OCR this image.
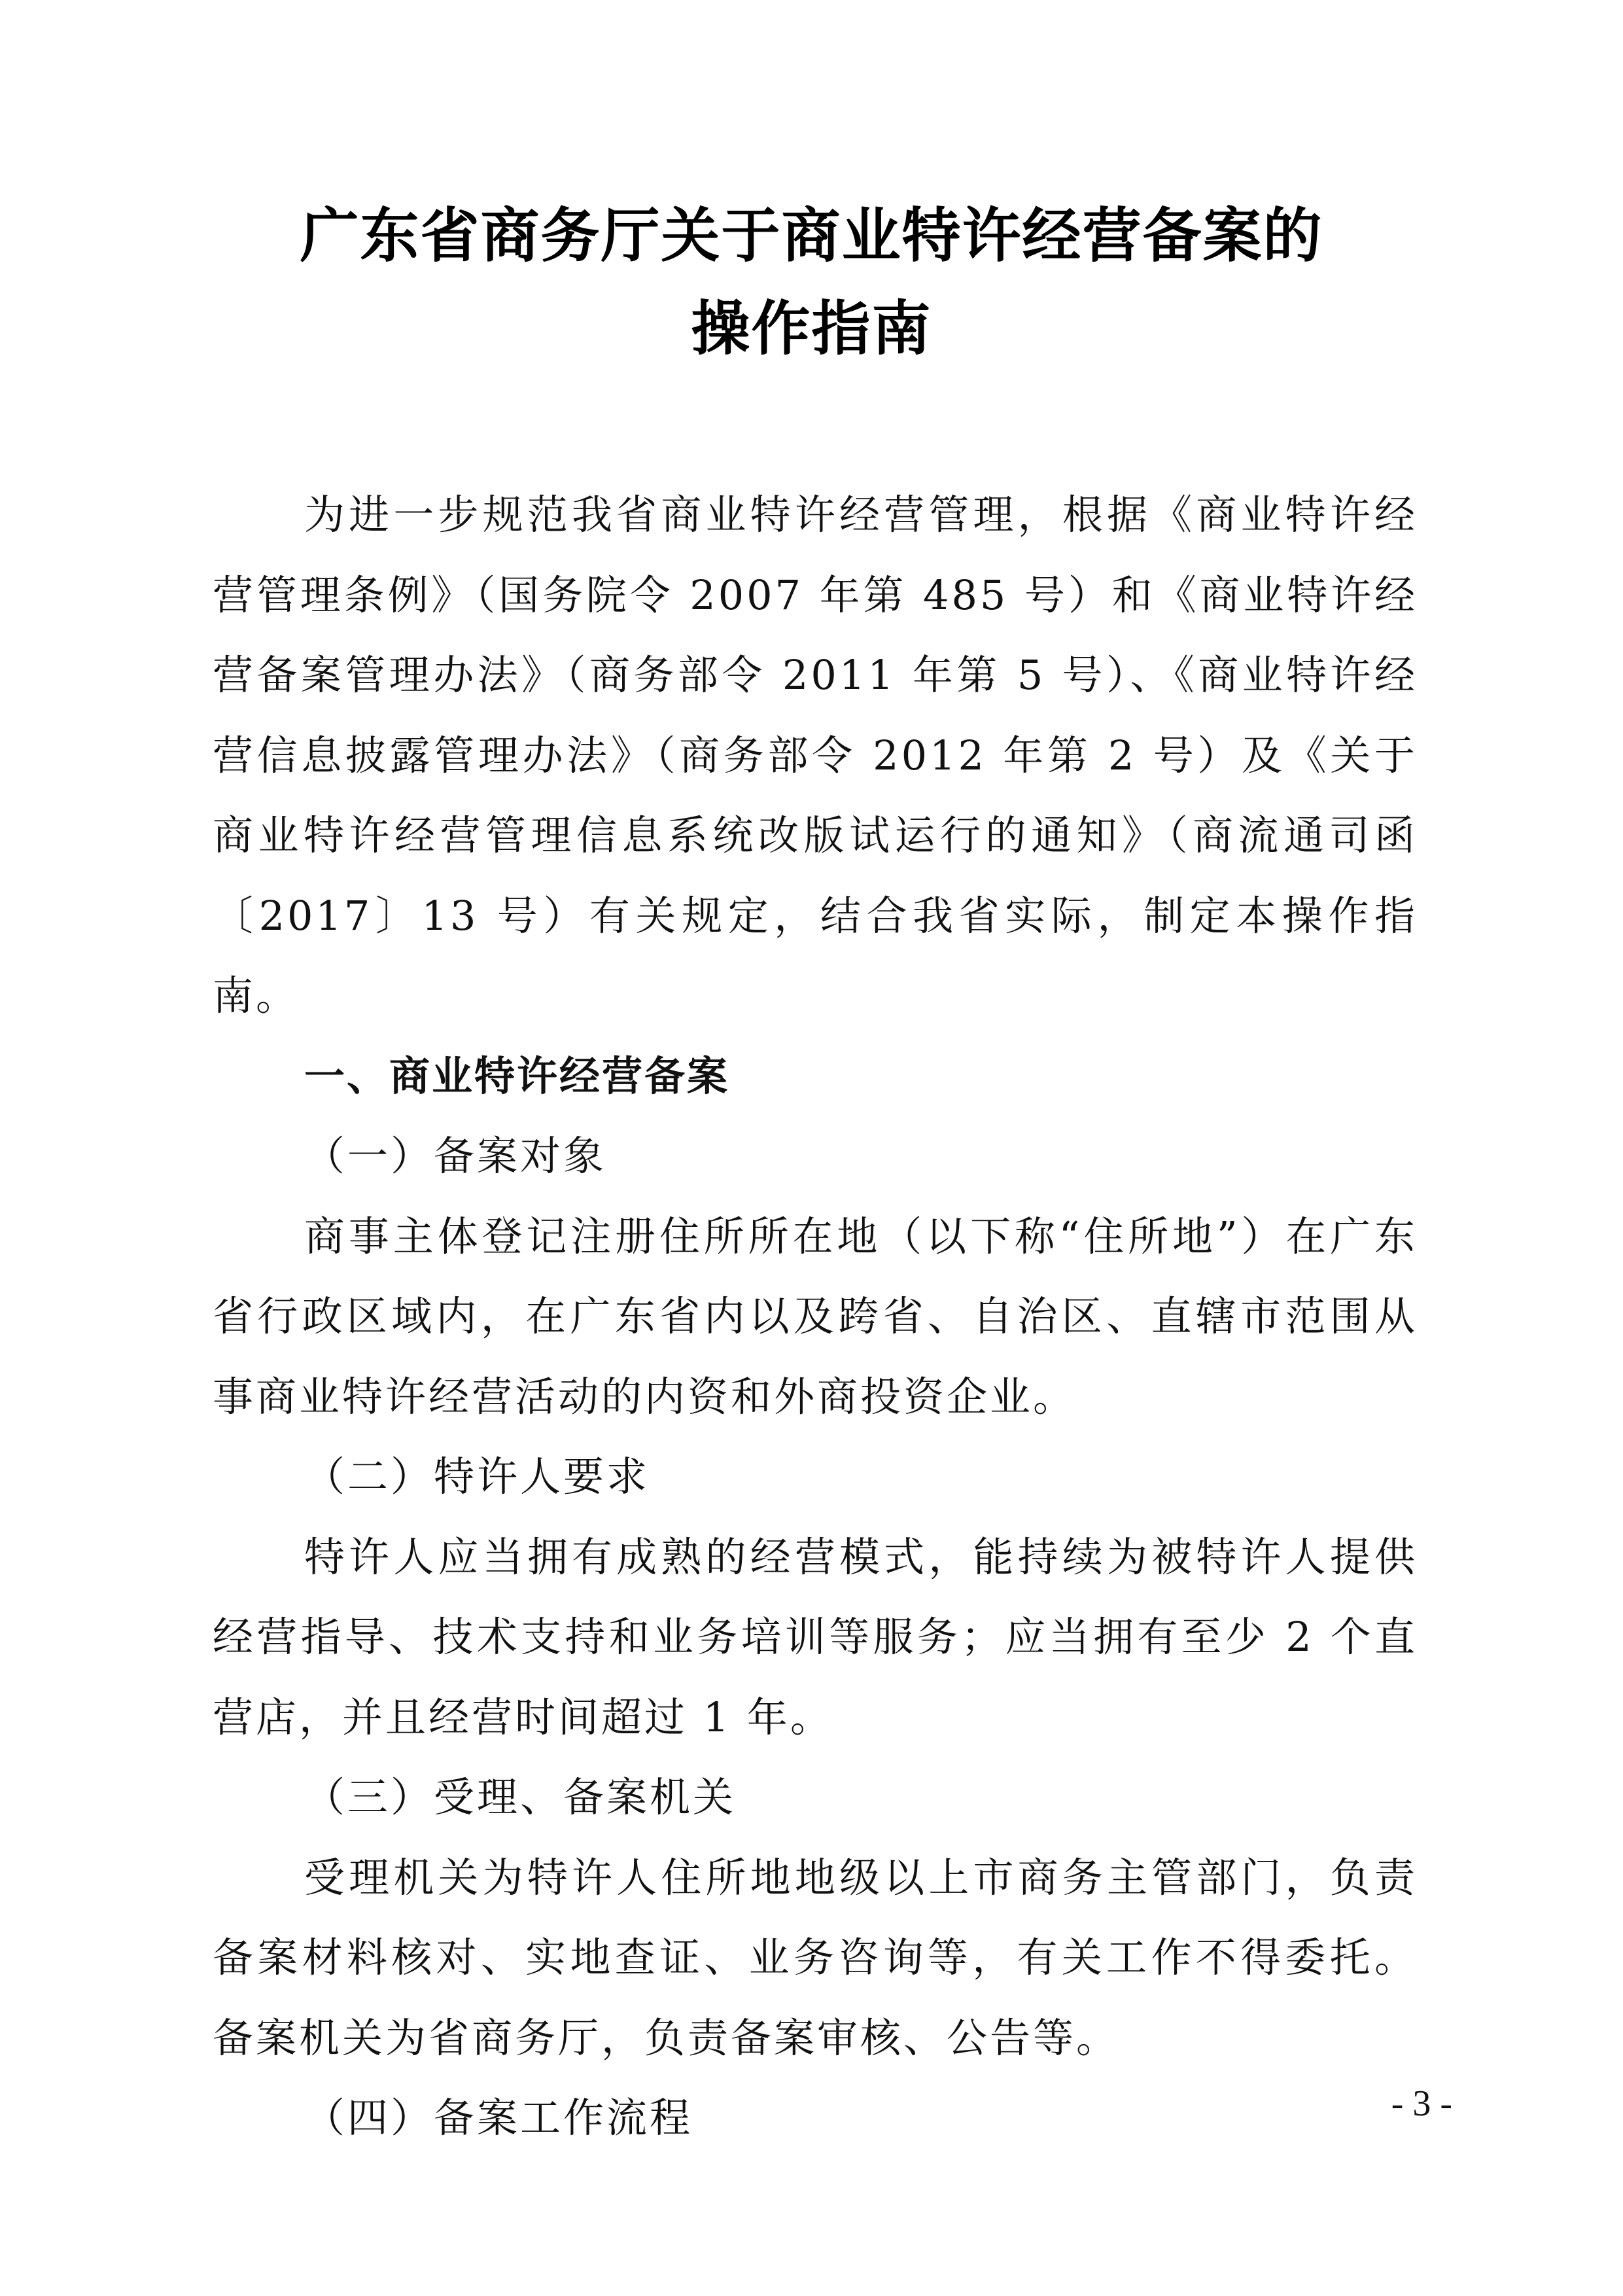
广东省商务厅关于商业特许经营备案的
操作指南

为进一步规范我省商业特许经营管理，根据《商业特许经营管理条例》（国务院令 2007 年第 485 号）和《商业特许经营备案管理办法》（商务部令 2011 年第 5 号）、《商业特许经营信息披露管理办法》（商务部令 2012 年第 2 号）及《关于商业特许经营管理信息系统改版试运行的通知》（商流通司函〔2017〕13 号）有关规定，结合我省实际，制定本操作指南。

一、商业特许经营备案

（一）备案对象

商事主体登记注册住所所在地（以下称“住所地”）在广东省行政区域内，在广东省内以及跨省、自治区、直辖市范围从事商业特许经营活动的内资和外商投资企业。

（二）特许人要求

特许人应当拥有成熟的经营模式，能持续为被特许人提供经营指导、技术支持和业务培训等服务；应当拥有至少 2 个直营店，并且经营时间超过 1 年。

（三）受理、备案机关

受理机关为特许人住所地地级以上市商务主管部门，负责备案材料核对、实地查证、业务咨询等，有关工作不得委托。备案机关为省商务厅，负责备案审核、公告等。

（四）备案工作流程	- 3 -
